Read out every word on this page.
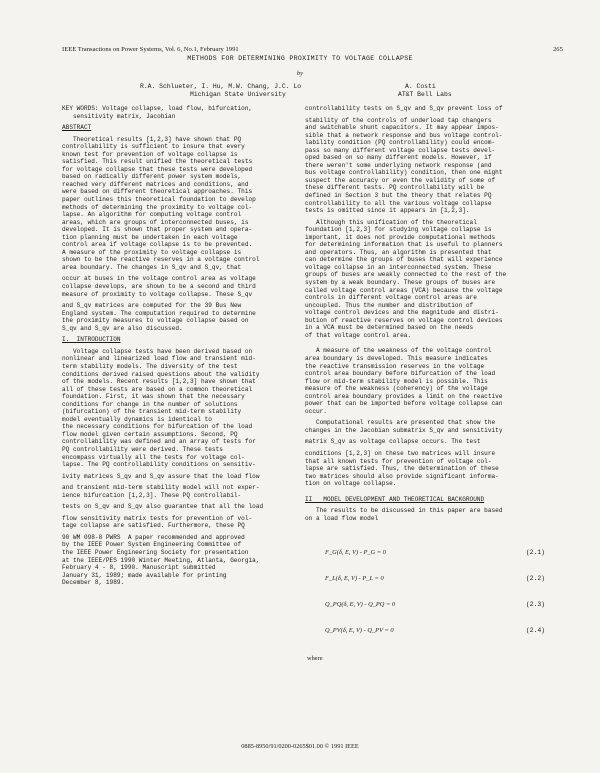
IEEE Transactions on Power Systems, Vol. 6, No.1, February 1991	265
METHODS FOR DETERMINING PROXIMITY TO VOLTAGE COLLAPSE
by
R.A. Schlueter, I. Hu, M.W. Chang, J.C. Lo
Michigan State University
A. Costi
AT&T Bell Labs
KEY WORDS: Voltage collapse, load flow, bifurcation,
sensitivity matrix, Jacobian
ABSTRACT
Theoretical results [1,2,3] have shown that PQ
controllability is sufficient to insure that every
known test for prevention of voltage collapse is
satisfied. This result unified the theoretical tests
for voltage collapse that these tests were developed
based on radically different power system models,
reached very different matrices and conditions, and
were based on different theoretical approaches. This
paper outlines this theoretical foundation to develop
methods of determining the proximity to voltage col-
lapse. An algorithm for computing voltage control
areas, which are groups of interconnected buses, is
developed. It is shown that proper system and opera-
tion planning must be undertaken in each voltage
control area if voltage collapse is to be prevented.
A measure of the proximity to voltage collapse is
shown to be the reactive reserves in a voltage control
area boundary. The changes in S_qv and S_qv, that
occur at buses in the voltage control area as voltage
collapse develops, are shown to be a second and third
measure of proximity to voltage collapse. These S_qv
and S_qv matrices are computed for the 39 Bus New
England system. The computation required to determine
the proximity measures to voltage collapse based on
S_qv and S_qv are also discussed.
I.  INTRODUCTION
Voltage collapse tests have been derived based on
nonlinear and linearized load flow and transient mid-
term stability models. The diversity of the test
conditions derived raised questions about the validity
of the models. Recent results [1,2,3] have shown that
all of these tests are based on a common theoretical
foundation. First, it was shown that the necessary
conditions for change in the number of solutions
(bifurcation) of the transient mid-term stability
model eventually dynamics is identical to
the necessary conditions for bifurcation of the load
flow model given certain assumptions. Second, PQ
controllability was defined and an array of tests for
PQ controllability were derived. These tests
encompass virtually all the tests for voltage col-
lapse. The PQ controllability conditions on sensitiv-
ivity matrices S_qv and S_qv assure that the load flow
and transient mid-term stability model will not exper-
ience bifurcation [1,2,3]. These PQ controllabil-
tests on S_qv and S_qv also guarantee that all the load
flow sensitivity matrix tests for prevention of vol-
tage collapse are satisfied. Furthermore, these PQ
90 WM 098-8 PWRS  A paper recommended and approved
by the IEEE Power System Engineering Committee of
the IEEE Power Engineering Society for presentation
at the IEEE/PES 1990 Winter Meeting, Atlanta, Georgia,
February 4 - 8, 1990. Manuscript submitted
January 31, 1989; made available for printing
December 8, 1989.
controllability tests on S_qv and S_qv prevent loss of
stability of the controls of underload tap changers
and switchable shunt capacitors. It may appear impos-
sible that a network response and bus voltage control-
lability condition (PQ controllability) could encom-
pass so many different voltage collapse tests devel-
oped based on so many different models. However, if
there weren't some underlying network response (and
bus voltage controllability) condition, then one might
suspect the accuracy or even the validity of some of
these different tests. PQ controllability will be
defined in Section 3 but the theory that relates PQ
controllability to all the various voltage collapse
tests is omitted since it appears in [1,2,3].
Although this unification of the theoretical
foundation [1,2,3] for studying voltage collapse is
important, it does not provide computational methods
for determining information that is useful to planners
and operators. Thus, an algorithm is presented that
can determine the groups of buses that will experience
voltage collapse in an interconnected system. These
groups of buses are weakly connected to the rest of the
system by a weak boundary. These groups of buses are
called voltage control areas (VCA) because the voltage
controls in different voltage control areas are
uncoupled. Thus the number and distribution of
voltage control devices and the magnitude and distri-
bution of reactive reserves on voltage control devices
in a VCA must be determined based on the needs
of that voltage control area.
A measure of the weakness of the voltage control
area boundary is developed. This measure indicates
the reactive transmission reserves in the voltage
control area boundary before bifurcation of the load
flow or mid-term stability model is possible. This
measure of the weakness (coherency) of the voltage
control area boundary provides a limit on the reactive
power that can be imported before voltage collapse can
occur.
Computational results are presented that show the
changes in the Jacobian submatrix S_qv and sensitivity
matrix S_qv as voltage collapse occurs. The test
conditions [1,2,3] on these two matrices will insure
that all known tests for prevention of voltage col-
lapse are satisfied. Thus, the determination of these
two matrices should also provide significant informa-
tion on voltage collapse.
II   MODEL DEVELOPMENT AND THEORETICAL BACKGROUND
The results to be discussed in this paper are based
on a load flow model
F_G(δ, E, V) - P_G = 0	(2.1)
F_L(δ, E, V) - P_L = 0	(2.2)
Q_PQ(δ, E, V) - Q_PQ = 0	(2.3)
Q_PV(δ, E, V) - Q_PV = 0	(2.4)
where
0885-8950/91/0200-0265$01.00 © 1991 IEEE
